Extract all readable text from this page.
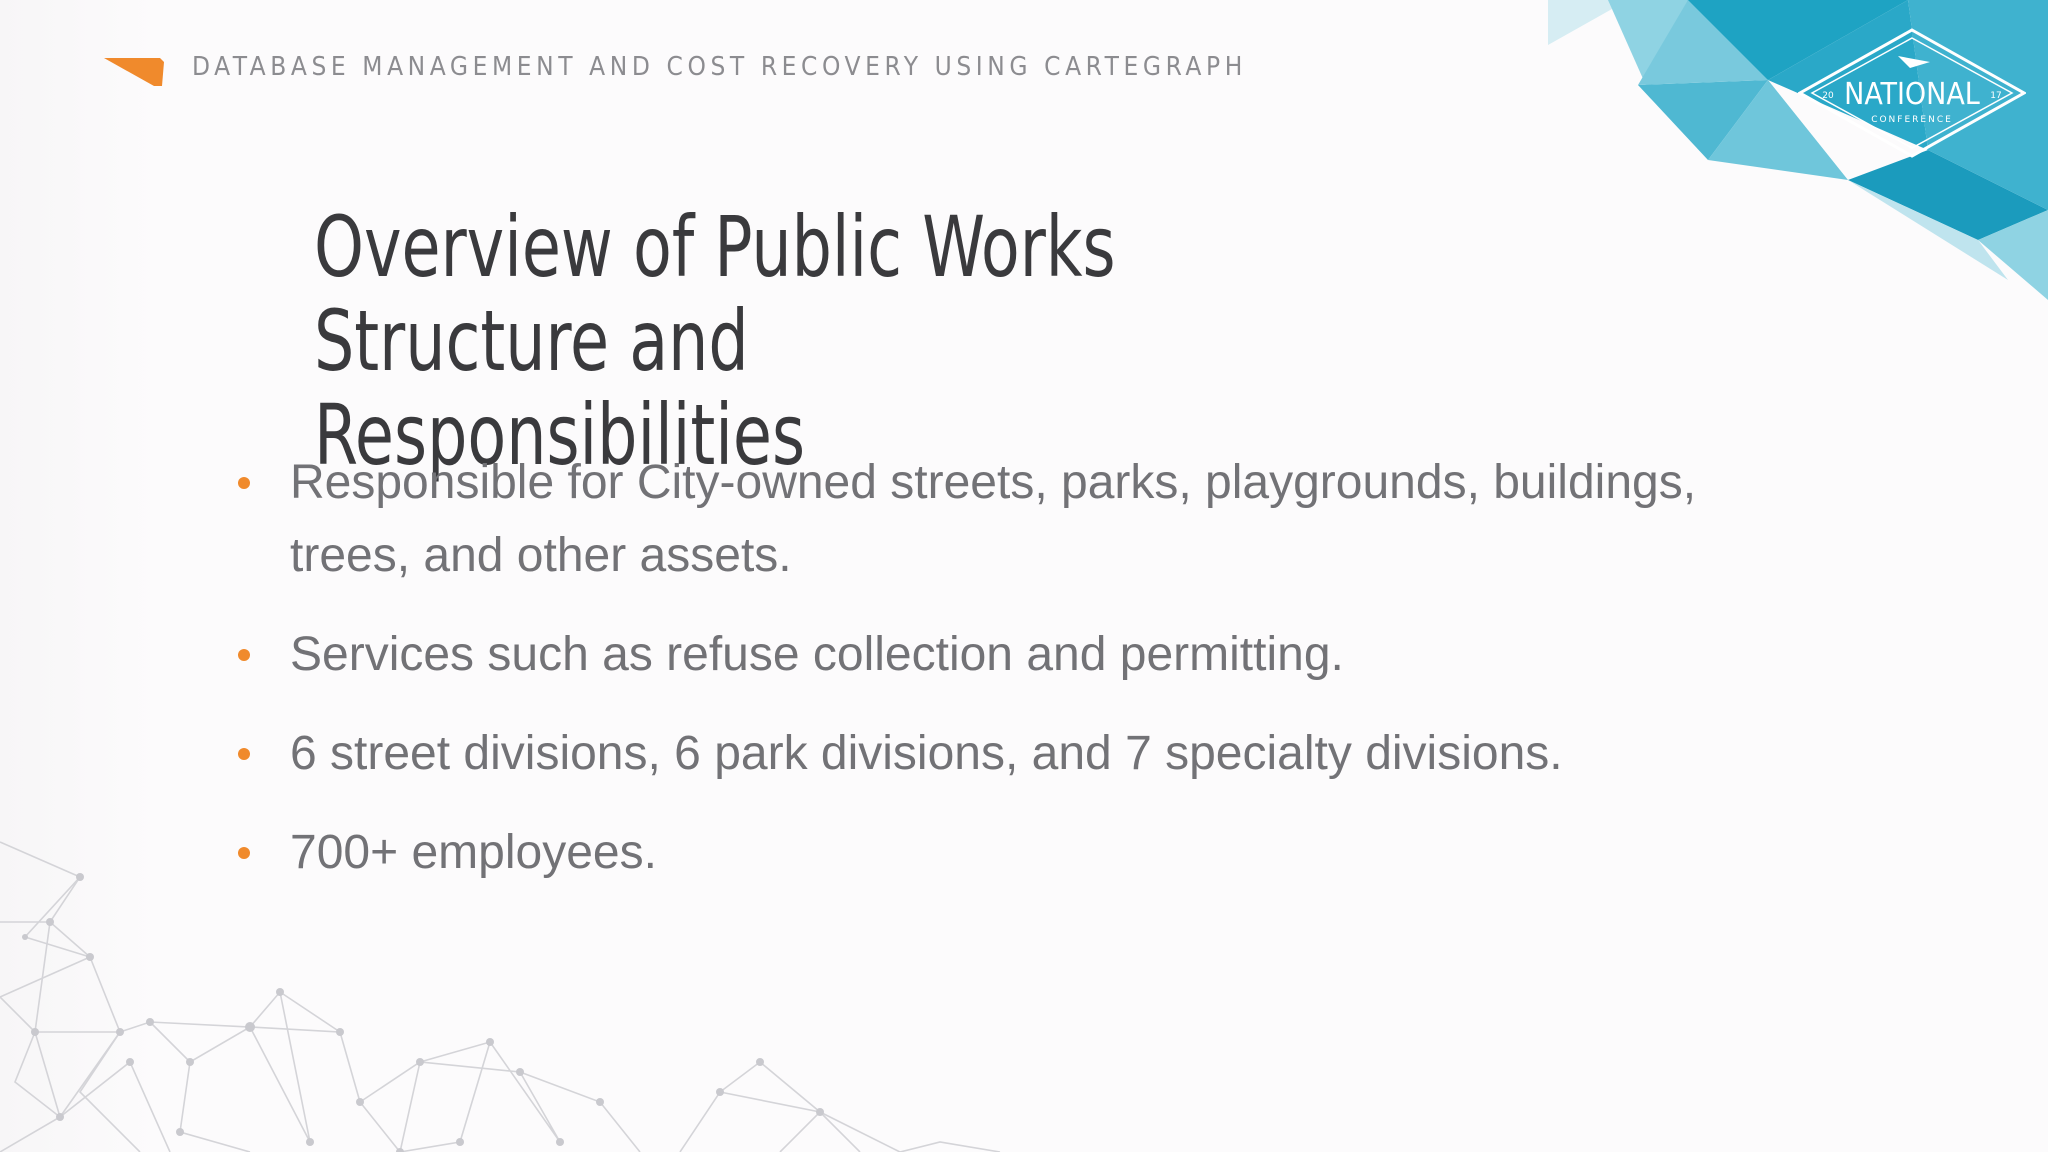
DATABASE MANAGEMENT AND COST RECOVERY USING CARTEGRAPH
NATIONAL
CONFERENCE
20	17
Overview of Public Works Structure and
Responsibilities
Responsible for City-owned streets, parks, playgrounds, buildings,
trees, and other assets.
Services such as refuse collection and permitting.
6 street divisions, 6 park divisions, and 7 specialty divisions.
700+ employees.
